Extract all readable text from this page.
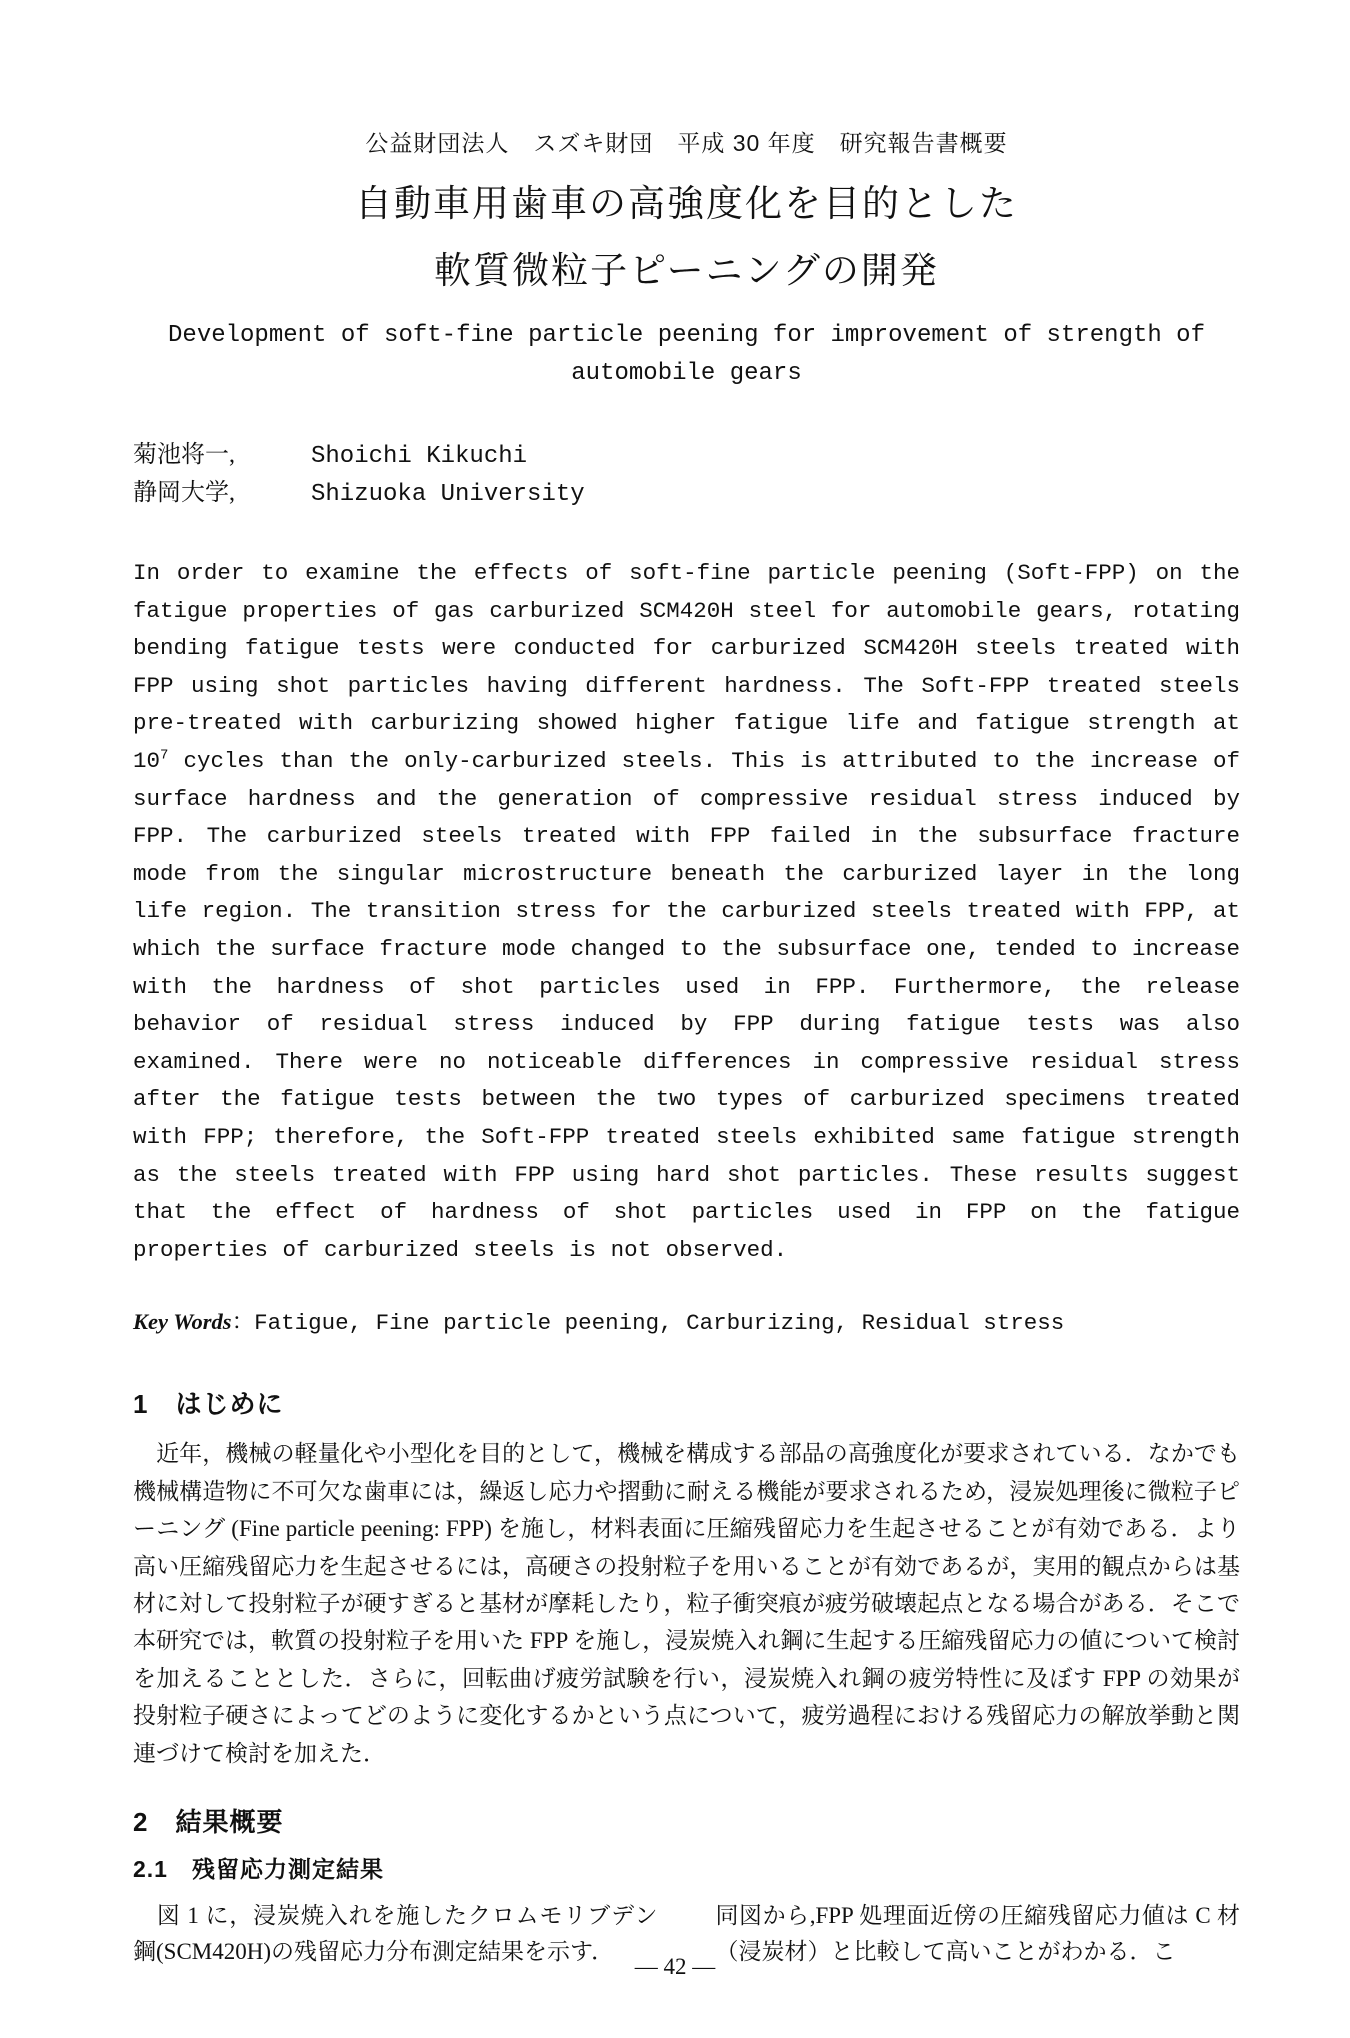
公益財団法人　スズキ財団　平成 30 年度　研究報告書概要
自動車用歯車の高強度化を目的とした
軟質微粒子ピーニングの開発
Development of soft-fine particle peening for improvement of strength of
automobile gears
菊池将一,	Shoichi Kikuchi
静岡大学,	Shizuoka University

In order to examine the effects of soft-fine particle peening (Soft-FPP) on the fatigue properties of gas carburized SCM420H steel for automobile gears, rotating bending fatigue tests were conducted for carburized SCM420H steels treated with FPP using shot particles having different hardness. The Soft-FPP treated steels pre-treated with carburizing showed higher fatigue life and fatigue strength at $10^7$ cycles than the only-carburized steels. This is attributed to the increase of surface hardness and the generation of compressive residual stress induced by FPP. The carburized steels treated with FPP failed in the subsurface fracture mode from the singular microstructure beneath the carburized layer in the long life region. The transition stress for the carburized steels treated with FPP, at which the surface fracture mode changed to the subsurface one, tended to increase with the hardness of shot particles used in FPP. Furthermore, the release behavior of residual stress induced by FPP during fatigue tests was also examined. There were no noticeable differences in compressive residual stress after the fatigue tests between the two types of carburized specimens treated with FPP; therefore, the Soft-FPP treated steels exhibited same fatigue strength as the steels treated with FPP using hard shot particles. These results suggest that the effect of hardness of shot particles used in FPP on the fatigue properties of carburized steels is not observed.

Key Words：Fatigue, Fine particle peening, Carburizing, Residual stress
1　はじめに

　近年，機械の軽量化や小型化を目的として，機械を構成する部品の高強度化が要求されている．なかでも機械構造物に不可欠な歯車には，繰返し応力や摺動に耐える機能が要求されるため，浸炭処理後に微粒子ピーニング (Fine particle peening: FPP) を施し，材料表面に圧縮残留応力を生起させることが有効である．より高い圧縮残留応力を生起させるには，高硬さの投射粒子を用いることが有効であるが，実用的観点からは基材に対して投射粒子が硬すぎると基材が摩耗したり，粒子衝突痕が疲労破壊起点となる場合がある．そこで本研究では，軟質の投射粒子を用いた FPP を施し，浸炭焼入れ鋼に生起する圧縮残留応力の値について検討を加えることとした．さらに，回転曲げ疲労試験を行い，浸炭焼入れ鋼の疲労特性に及ぼす FPP の効果が投射粒子硬さによってどのように変化するかという点について，疲労過程における残留応力の解放挙動と関連づけて検討を加えた．

2　結果概要
2.1　残留応力測定結果

　図 1 に，浸炭焼入れを施したクロムモリブデン鋼(SCM420H)の残留応力分布測定結果を示す．

同図から,FPP 処理面近傍の圧縮残留応力値は C 材（浸炭材）と比較して高いことがわかる．こ

― 42 ―
